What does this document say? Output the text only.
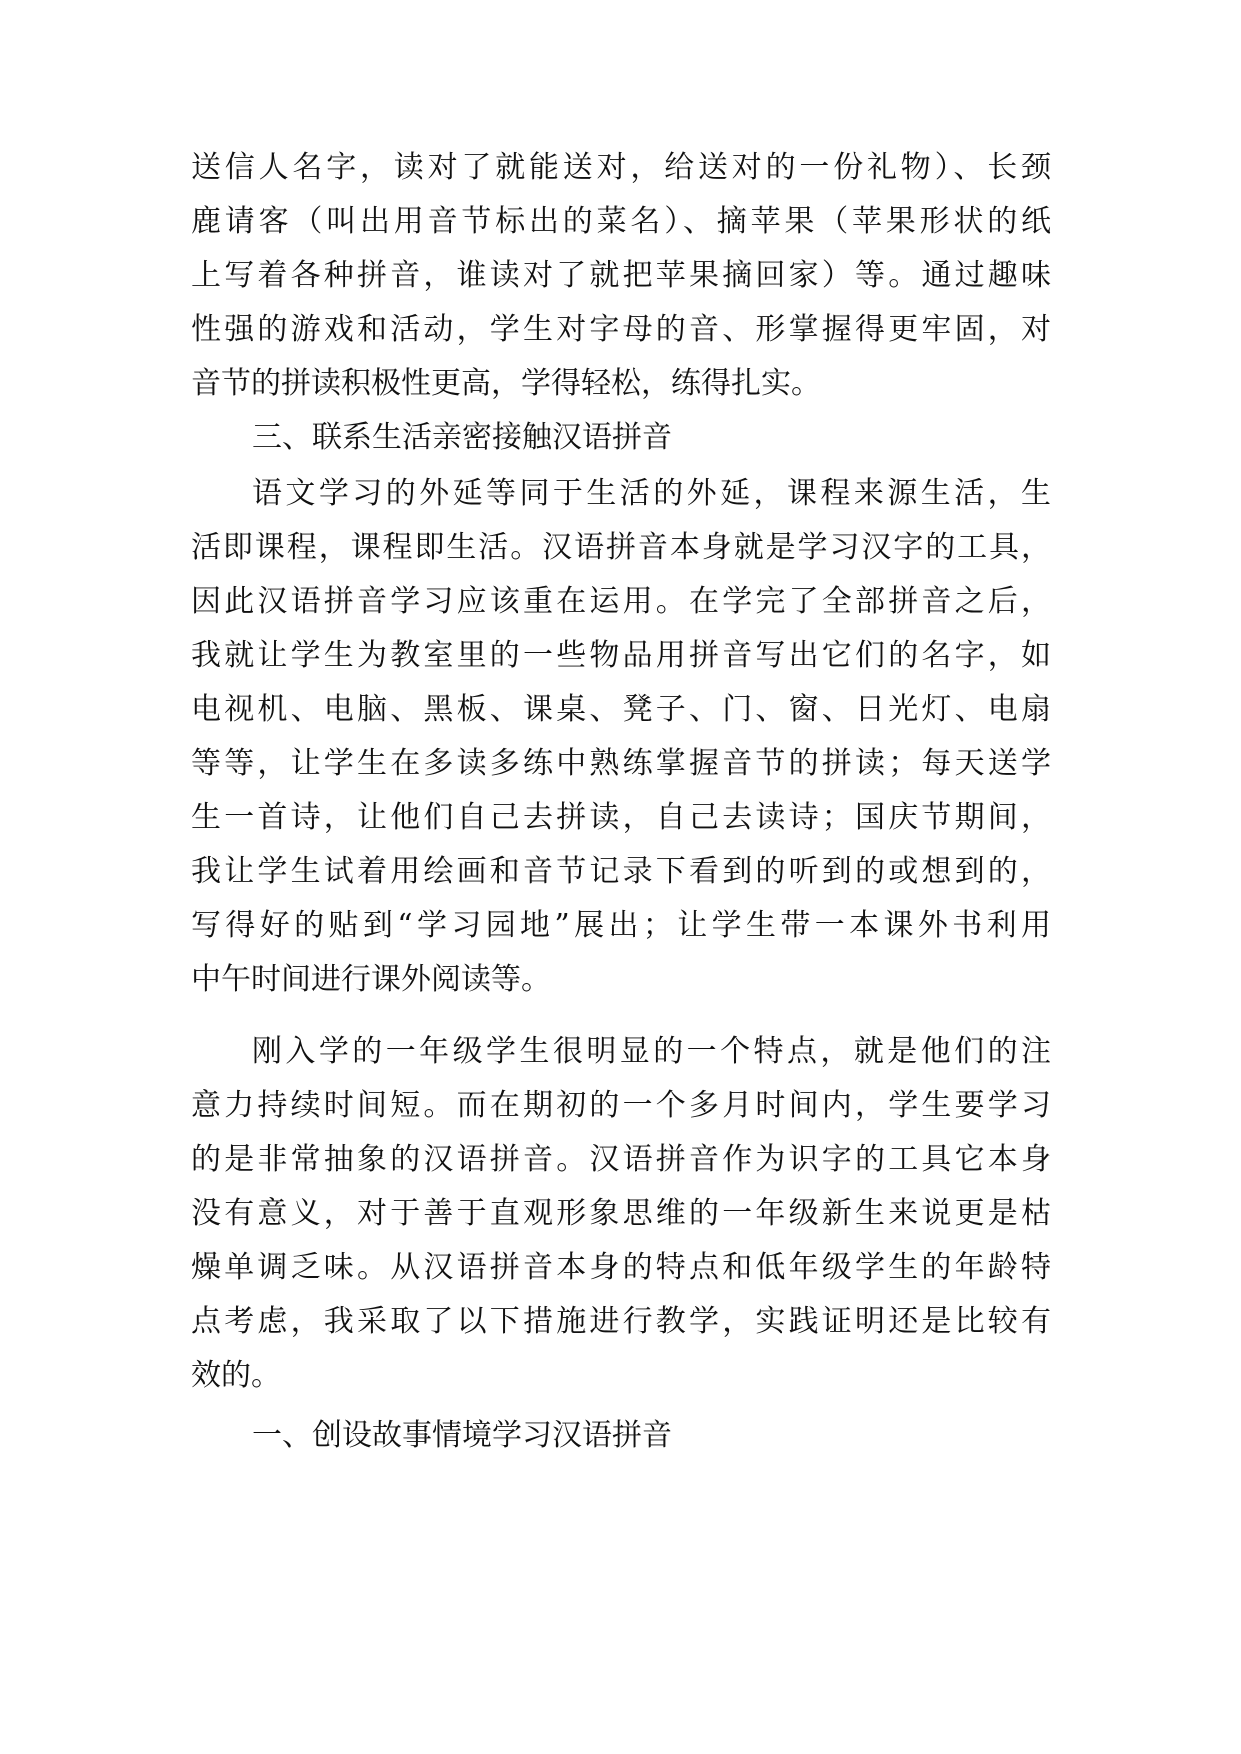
送信人名字，读对了就能送对，给送对的一份礼物）、长颈
鹿请客（叫出用音节标出的菜名）、摘苹果（苹果形状的纸
上写着各种拼音，谁读对了就把苹果摘回家）等。通过趣味
性强的游戏和活动，学生对字母的音、形掌握得更牢固，对
音节的拼读积极性更高，学得轻松，练得扎实。
三、联系生活亲密接触汉语拼音
语文学习的外延等同于生活的外延，课程来源生活，生
活即课程，课程即生活。汉语拼音本身就是学习汉字的工具，
因此汉语拼音学习应该重在运用。在学完了全部拼音之后，
我就让学生为教室里的一些物品用拼音写出它们的名字，如
电视机、电脑、黑板、课桌、凳子、门、窗、日光灯、电扇
等等，让学生在多读多练中熟练掌握音节的拼读；每天送学
生一首诗，让他们自己去拼读，自己去读诗；国庆节期间，
我让学生试着用绘画和音节记录下看到的听到的或想到的，
写得好的贴到“学习园地”展出；让学生带一本课外书利用
中午时间进行课外阅读等。
刚入学的一年级学生很明显的一个特点，就是他们的注
意力持续时间短。而在期初的一个多月时间内，学生要学习
的是非常抽象的汉语拼音。汉语拼音作为识字的工具它本身
没有意义，对于善于直观形象思维的一年级新生来说更是枯
燥单调乏味。从汉语拼音本身的特点和低年级学生的年龄特
点考虑，我采取了以下措施进行教学，实践证明还是比较有
效的。
一、创设故事情境学习汉语拼音
